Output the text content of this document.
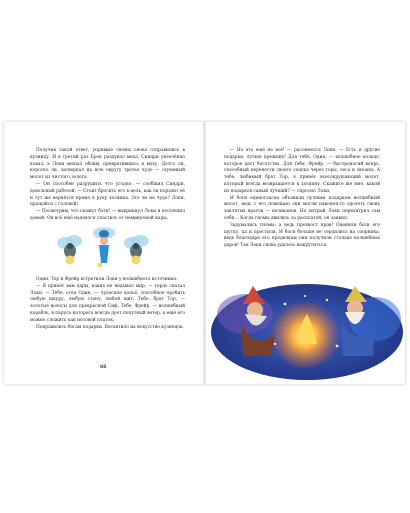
Получив такой ответ, упрямые гномы снова отправились в кузницу. И в третий раз Брок раздувал меха, Синдри увлечённо ковал, а Локи мешал обоим, превратившись в муху. Долго ли, коротко ли, засверкал на всю округу третье чудо — огромный молот из чистого золота.

— Он способен разрушить что угодно, — сообщил Синдри, довольный работой. — Стоит бросить его в цель, как он поразит её и тут же вернётся прямо в руку хозяина. Это ли не чудо? Локи, прощайся с головой!

— Посмотрим, что скажут боги! — выкрикнул Локи и поспешил домой. Он всё ещё надеялся спастись от неминуемой кары.

Один, Тор и Фрейр встретили Локи у волшебного источника.

— Я принёс вам дары, каких не видывал мир, — гордо сказал Локи. — Тебе, отец Один, — чудесное копьё, способное пробить любую шкуру, любую стену, любой щит. Тебе, брат Тор, — золотые волосы для прекрасной Сиф. Тебе, Фрейр, — волшебный корабль, в паруса которого всегда дует попутный ветер, а ещё его можно сложить как носовой платок.

Понравились богам подарки. Восхитило их искусство кузнецов.

66

— Но это ещё не всё! — рассмеялся Локи. — Есть и другие подарки, лучше прежних! Для тебя, Один, — волшебное кольцо, которое даст богатство. Для тебя, Фрейр, — быстроногий вепрь, способный перенести своего седока через горы, леса и океаны. А тебе, любимый брат Тор, я принёс всесокрушающий молот, который всегда возвращается к хозяину. Скажите же мне, какой из подарков самый лучший? — спросил Локи.

И боги единогласно объявили лучшим подарком волшебный молот, ведь с его помощью они могли наконец-то одолеть своих заклятых врагов — великанов. Но хитрый Локи перехитрил сам себя… Когда гномы явились за расплатой, он заявил:

Задумались гномы: а ведь прохвост прав! Оценили боги его шутку, да и простили. И боги больше не сердились на озорника, ведь благодаря его проделкам они получили столько волшебных даров! Так Локи снова удалось выкрутиться.
